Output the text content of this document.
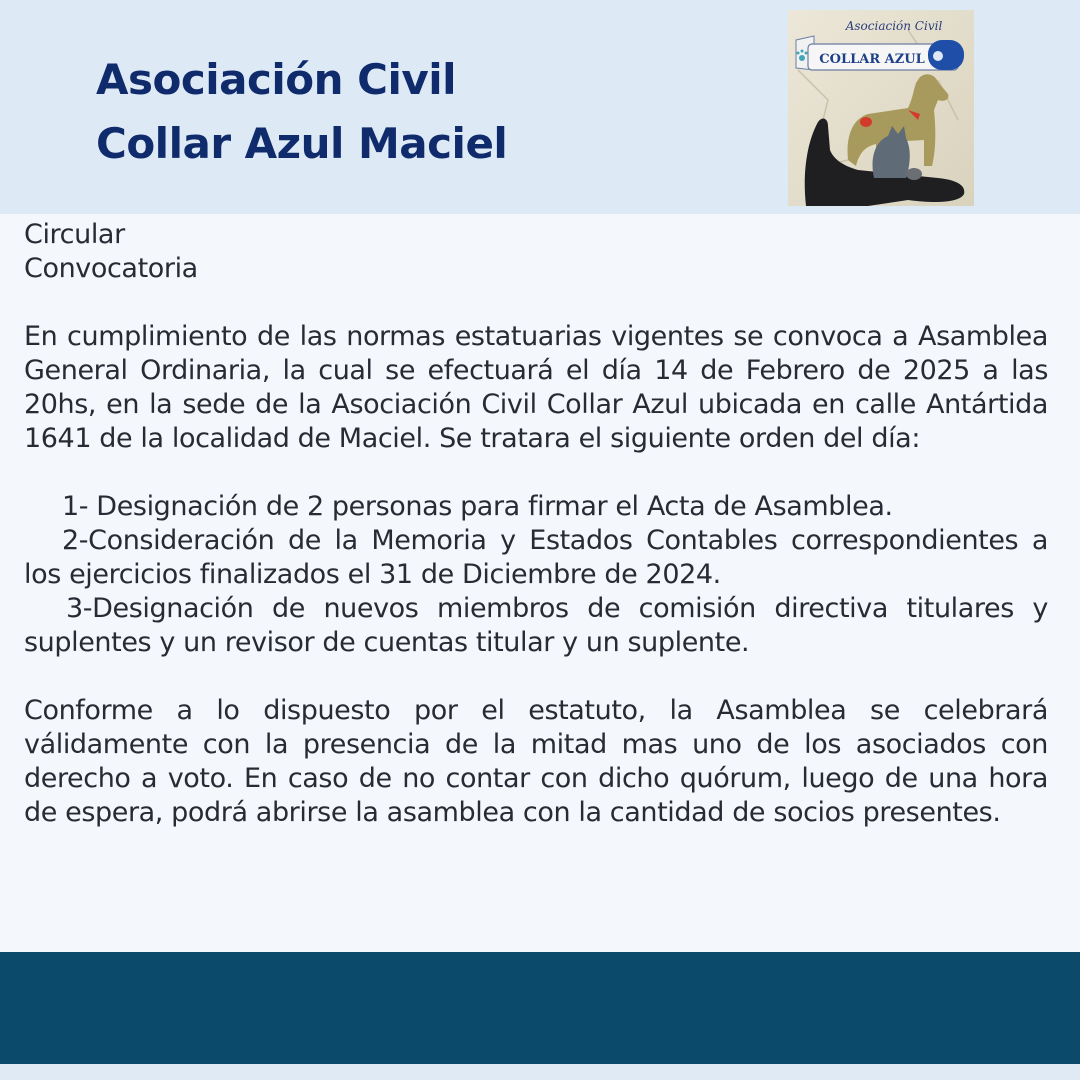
Asociación Civil
Collar Azul Maciel
Asociación Civil
COLLAR AZUL

Circular

Convocatoria

En cumplimiento de las normas estatuarias vigentes se convoca a Asamblea General Ordinaria, la cual se efectuará el día 14 de Febrero de 2025 a las 20hs, en la sede de la Asociación Civil Collar Azul ubicada en calle Antártida 1641 de la localidad de Maciel. Se tratara el siguiente orden del día:

1- Designación de 2 personas para firmar el Acta de Asamblea.

2-Consideración de la Memoria y Estados Contables correspondientes a los ejercicios finalizados el 31 de Diciembre de 2024.

3-Designación de nuevos miembros de comisión directiva titulares y suplentes y un revisor de cuentas titular y un suplente.

Conforme a lo dispuesto por el estatuto, la Asamblea se celebrará válidamente con la presencia de la mitad mas uno de los asociados con derecho a voto. En caso de no contar con dicho quórum, luego de una hora de espera, podrá abrirse la asamblea con la cantidad de socios presentes.
